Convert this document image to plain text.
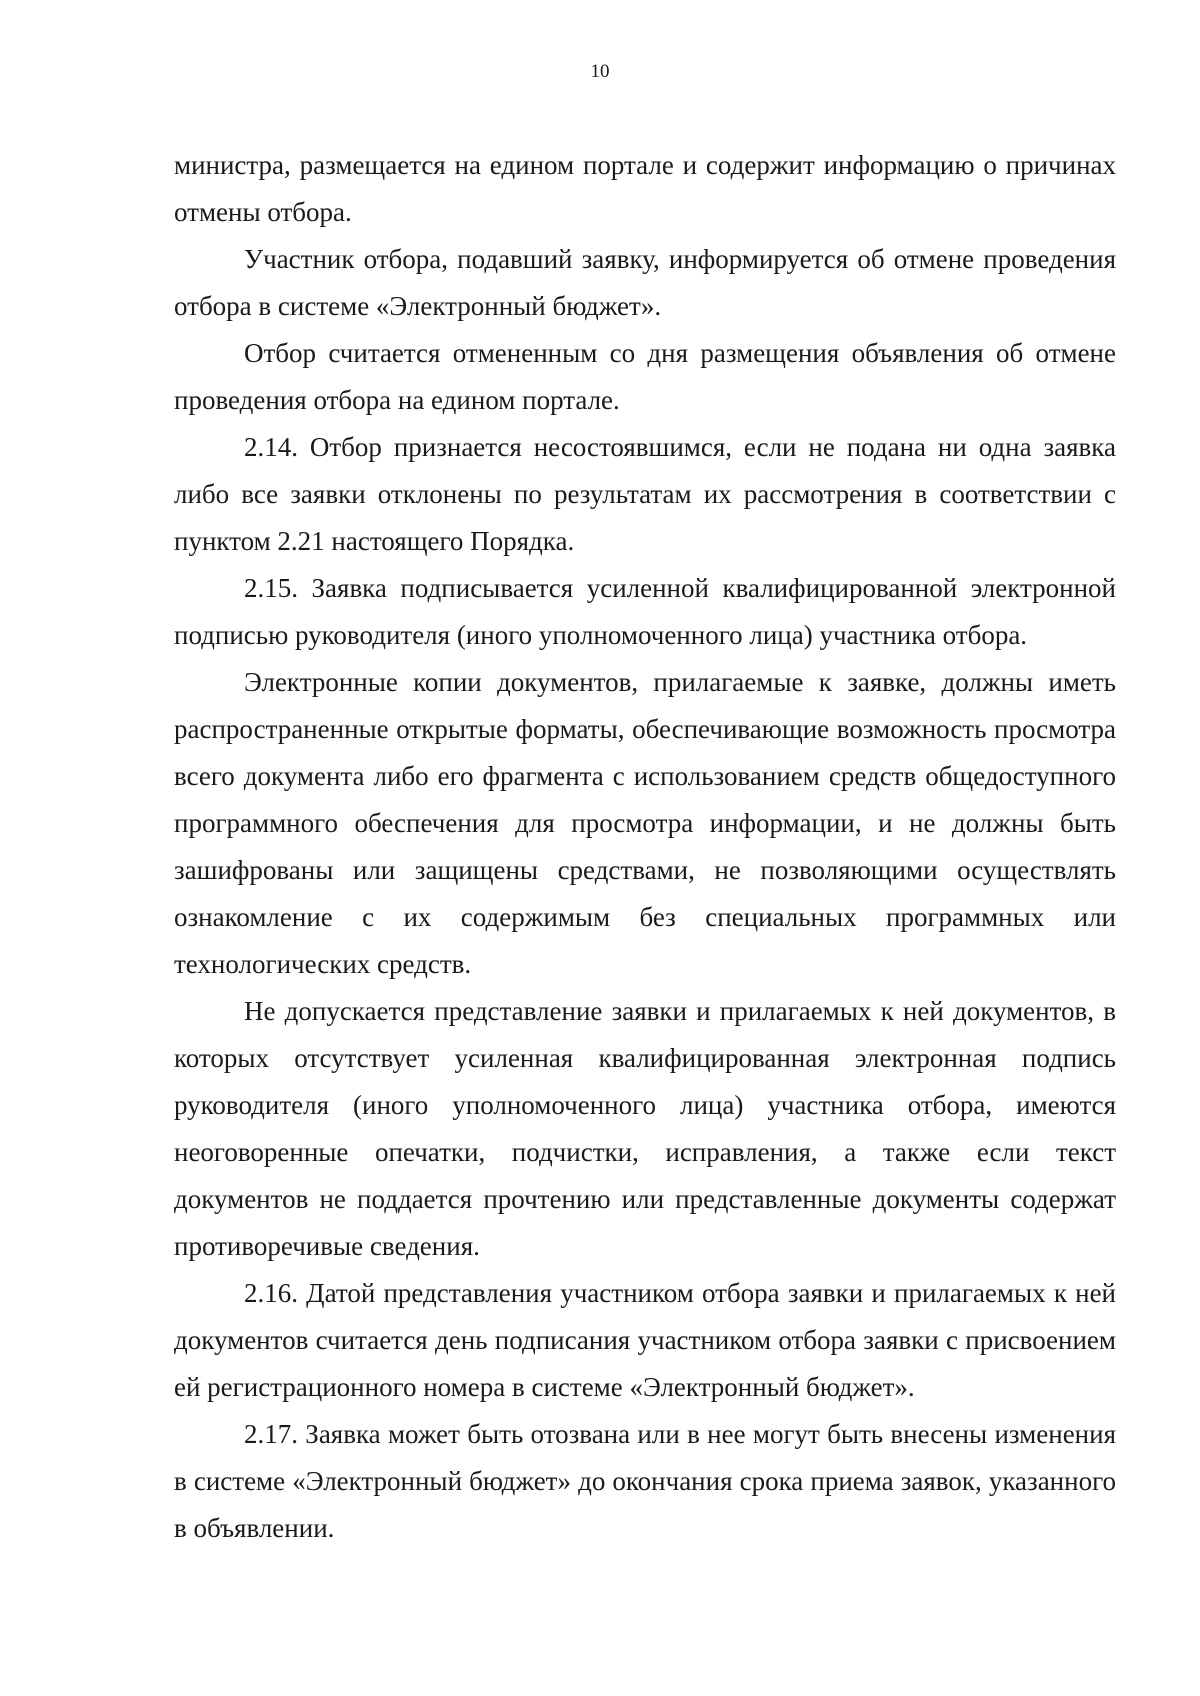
10

министра, размещается на едином портале и содержит информацию о причинах отмены отбора.

Участник отбора, подавший заявку, информируется об отмене проведения отбора в системе «Электронный бюджет».

Отбор считается отмененным со дня размещения объявления об отмене проведения отбора на едином портале.

2.14. Отбор признается несостоявшимся, если не подана ни одна заявка либо все заявки отклонены по результатам их рассмотрения в соответствии с пунктом 2.21 настоящего Порядка.

2.15. Заявка подписывается усиленной квалифицированной электронной подписью руководителя (иного уполномоченного лица) участника отбора.

Электронные копии документов, прилагаемые к заявке, должны иметь распространенные открытые форматы, обеспечивающие возможность просмотра всего документа либо его фрагмента с использованием средств общедоступного программного обеспечения для просмотра информации, и не должны быть зашифрованы или защищены средствами, не позволяющими осуществлять ознакомление с их содержимым без специальных программных или технологических средств.

Не допускается представление заявки и прилагаемых к ней документов, в которых отсутствует усиленная квалифицированная электронная подпись руководителя (иного уполномоченного лица) участника отбора, имеются неоговоренные опечатки, подчистки, исправления, а также если текст документов не поддается прочтению или представленные документы содержат противоречивые сведения.

2.16. Датой представления участником отбора заявки и прилагаемых к ней документов считается день подписания участником отбора заявки с присвоением ей регистрационного номера в системе «Электронный бюджет».

2.17. Заявка может быть отозвана или в нее могут быть внесены изменения в системе «Электронный бюджет» до окончания срока приема заявок, указанного в объявлении.
